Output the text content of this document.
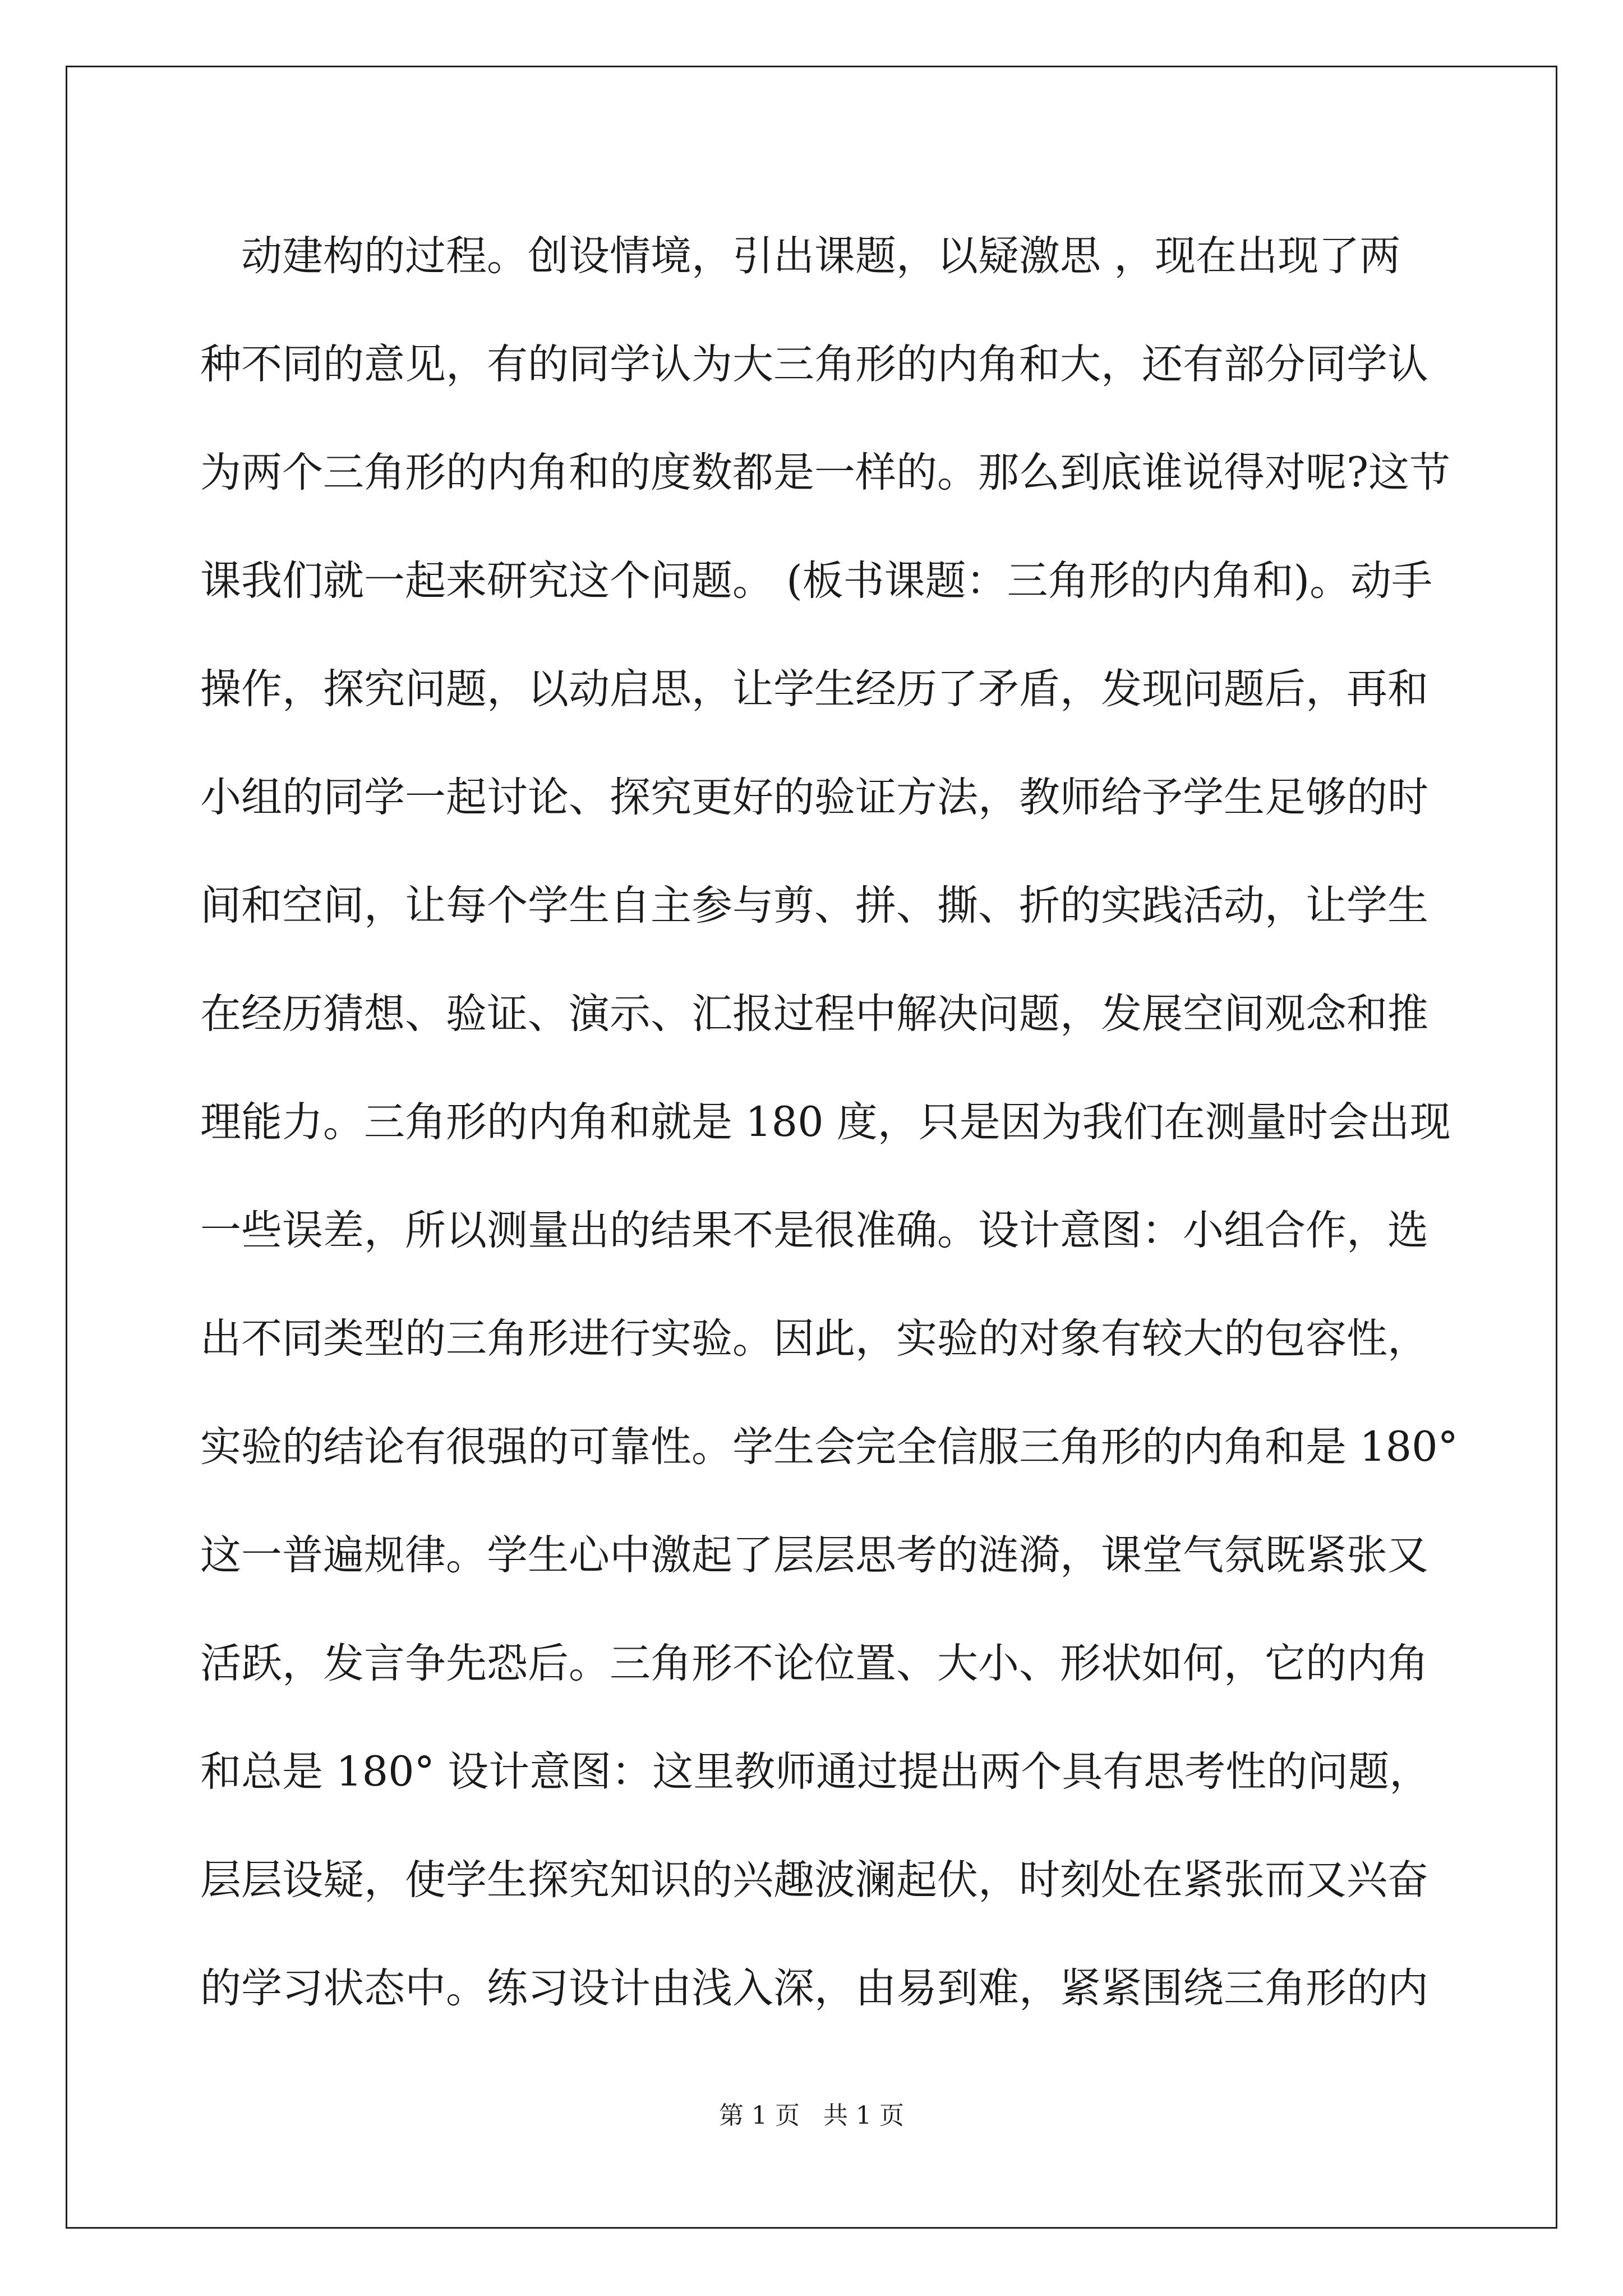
动建构的过程。创设情境，引出课题，以疑激思 ，现在出现了两
种不同的意见，有的同学认为大三角形的内角和大，还有部分同学认
为两个三角形的内角和的度数都是一样的。那么到底谁说得对呢?这节
课我们就一起来研究这个问题。 (板书课题：三角形的内角和)。动手
操作，探究问题，以动启思，让学生经历了矛盾，发现问题后，再和
小组的同学一起讨论、探究更好的验证方法，教师给予学生足够的时
间和空间，让每个学生自主参与剪、拼、撕、折的实践活动，让学生
在经历猜想、验证、演示、汇报过程中解决问题，发展空间观念和推
理能力。三角形的内角和就是 180 度，只是因为我们在测量时会出现
一些误差，所以测量出的结果不是很准确。设计意图：小组合作，选
出不同类型的三角形进行实验。因此，实验的对象有较大的包容性，
实验的结论有很强的可靠性。学生会完全信服三角形的内角和是 180°
这一普遍规律。学生心中激起了层层思考的涟漪，课堂气氛既紧张又
活跃，发言争先恐后。三角形不论位置、大小、形状如何，它的内角
和总是 180° 设计意图：这里教师通过提出两个具有思考性的问题，
层层设疑，使学生探究知识的兴趣波澜起伏，时刻处在紧张而又兴奋
的学习状态中。练习设计由浅入深，由易到难，紧紧围绕三角形的内
第 1 页 共 1 页
